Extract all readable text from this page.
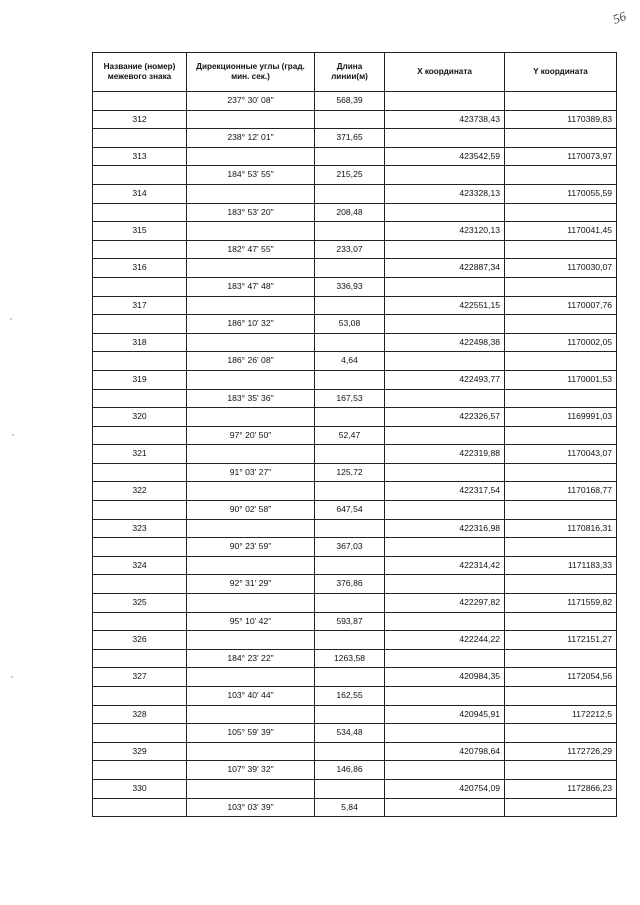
56
Название (номер) межевого знака	Дирекционные углы (град. мин. сек.)	Длина линии(м)	X координата	Y координата
	237° 30' 08"	568,39		
312			423738,43	1170389,83
	238° 12' 01"	371,65		
313			423542,59	1170073,97
	184° 53' 55"	215,25		
314			423328,13	1170055,59
	183° 53' 20"	208,48		
315			423120,13	1170041,45
	182° 47' 55"	233,07		
316			422887,34	1170030,07
	183° 47' 48"	336,93		
317			422551,15	1170007,76
	186° 10' 32"	53,08		
318			422498,38	1170002,05
	186° 26' 08"	4,64		
319			422493,77	1170001,53
	183° 35' 36"	167,53		
320			422326,57	1169991,03
	97° 20' 50"	52,47		
321			422319,88	1170043,07
	91° 03' 27"	125,72		
322			422317,54	1170168,77
	90° 02' 58"	647,54		
323			422316,98	1170816,31
	90° 23' 59"	367,03		
324			422314,42	1171183,33
	92° 31' 29"	376,86		
325			422297,82	1171559,82
	95° 10' 42"	593,87		
326			422244,22	1172151,27
	184° 23' 22"	1263,58		
327			420984,35	1172054,56
	103° 40' 44"	162,55		
328			420945,91	1172212,5
	105° 59' 39"	534,48		
329			420798,64	1172726,29
	107° 39' 32"	146,86		
330			420754,09	1172866,23
	103° 03' 39"	5,84		
